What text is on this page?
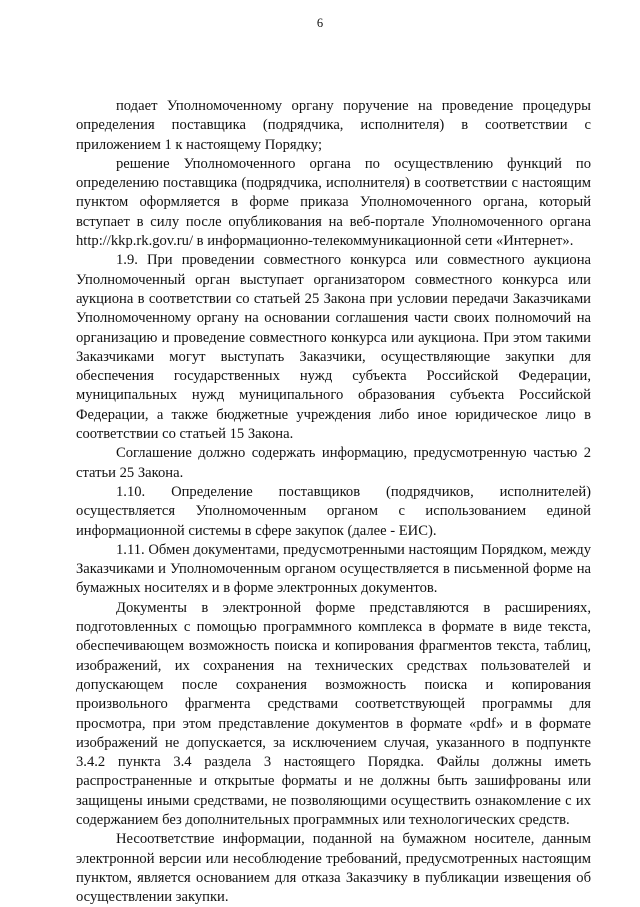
6

подает Уполномоченному органу поручение на проведение процедуры определения поставщика (подрядчика, исполнителя) в соответствии с приложением 1 к настоящему Порядку;

решение Уполномоченного органа по осуществлению функций по определению поставщика (подрядчика, исполнителя) в соответствии с настоящим пунктом оформляется в форме приказа Уполномоченного органа, который вступает в силу после опубликования на веб-портале Уполномоченного органа http://kkp.rk.gov.ru/ в информационно-телекоммуникационной сети «Интернет».

1.9. При проведении совместного конкурса или совместного аукциона Уполномоченный орган выступает организатором совместного конкурса или аукциона в соответствии со статьей 25 Закона при условии передачи Заказчиками Уполномоченному органу на основании соглашения части своих полномочий на организацию и проведение совместного конкурса или аукциона. При этом такими Заказчиками могут выступать Заказчики, осуществляющие закупки для обеспечения государственных нужд субъекта Российской Федерации, муниципальных нужд муниципального образования субъекта Российской Федерации, а также бюджетные учреждения либо иное юридическое лицо в соответствии со статьей 15 Закона.

Соглашение должно содержать информацию, предусмотренную частью 2 статьи 25 Закона.

1.10. Определение поставщиков (подрядчиков, исполнителей) осуществляется Уполномоченным органом с использованием единой информационной системы в сфере закупок (далее - ЕИС).

1.11. Обмен документами, предусмотренными настоящим Порядком, между Заказчиками и Уполномоченным органом осуществляется в письменной форме на бумажных носителях и в форме электронных документов.

Документы в электронной форме представляются в расширениях, подготовленных с помощью программного комплекса в формате в виде текста, обеспечивающем возможность поиска и копирования фрагментов текста, таблиц, изображений, их сохранения на технических средствах пользователей и допускающем после сохранения возможность поиска и копирования произвольного фрагмента средствами соответствующей программы для просмотра, при этом представление документов в формате «pdf» и в формате изображений не допускается, за исключением случая, указанного в подпункте 3.4.2 пункта 3.4 раздела 3 настоящего Порядка. Файлы должны иметь распространенные и открытые форматы и не должны быть зашифрованы или защищены иными средствами, не позволяющими осуществить ознакомление с их содержанием без дополнительных программных или технологических средств.

Несоответствие информации, поданной на бумажном носителе, данным электронной версии или несоблюдение требований, предусмотренных настоящим пунктом, является основанием для отказа Заказчику в публикации извещения об осуществлении закупки.
